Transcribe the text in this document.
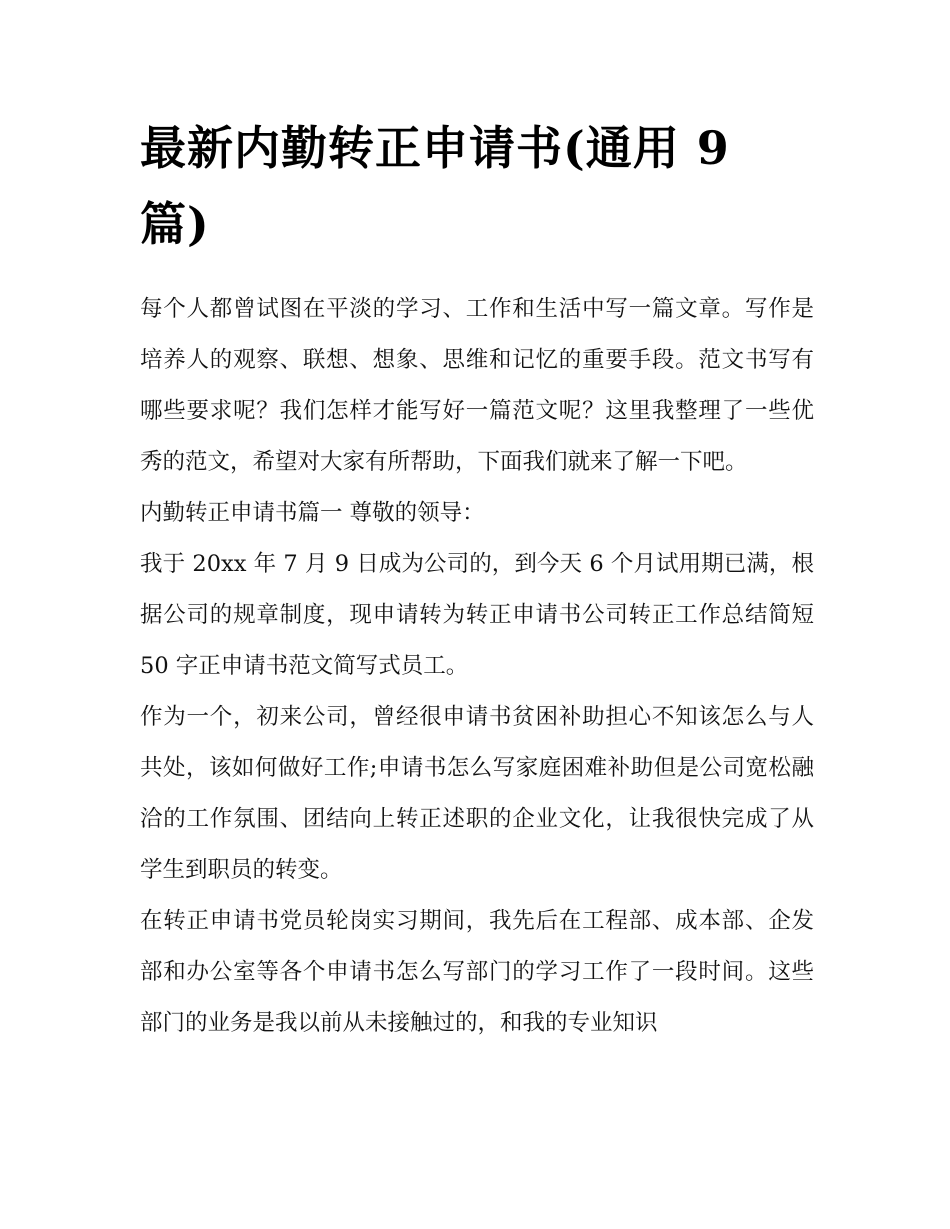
最新内勤转正申请书(通用 9 篇)

每个人都曾试图在平淡的学习、工作和生活中写一篇文章。写作是培养人的观察、联想、想象、思维和记忆的重要手段。范文书写有哪些要求呢？我们怎样才能写好一篇范文呢？这里我整理了一些优秀的范文，希望对大家有所帮助，下面我们就来了解一下吧。

内勤转正申请书篇一 尊敬的领导：

我于 20xx 年 7 月 9 日成为公司的，到今天 6 个月试用期已满，根据公司的规章制度，现申请转为转正申请书公司转正工作总结简短 50 字正申请书范文简写式员工。

作为一个，初来公司，曾经很申请书贫困补助担心不知该怎么与人共处，该如何做好工作;申请书怎么写家庭困难补助但是公司宽松融洽的工作氛围、团结向上转正述职的企业文化，让我很快完成了从学生到职员的转变。

在转正申请书党员轮岗实习期间，我先后在工程部、成本部、企发部和办公室等各个申请书怎么写部门的学习工作了一段时间。这些部门的业务是我以前从未接触过的，和我的专业知识
